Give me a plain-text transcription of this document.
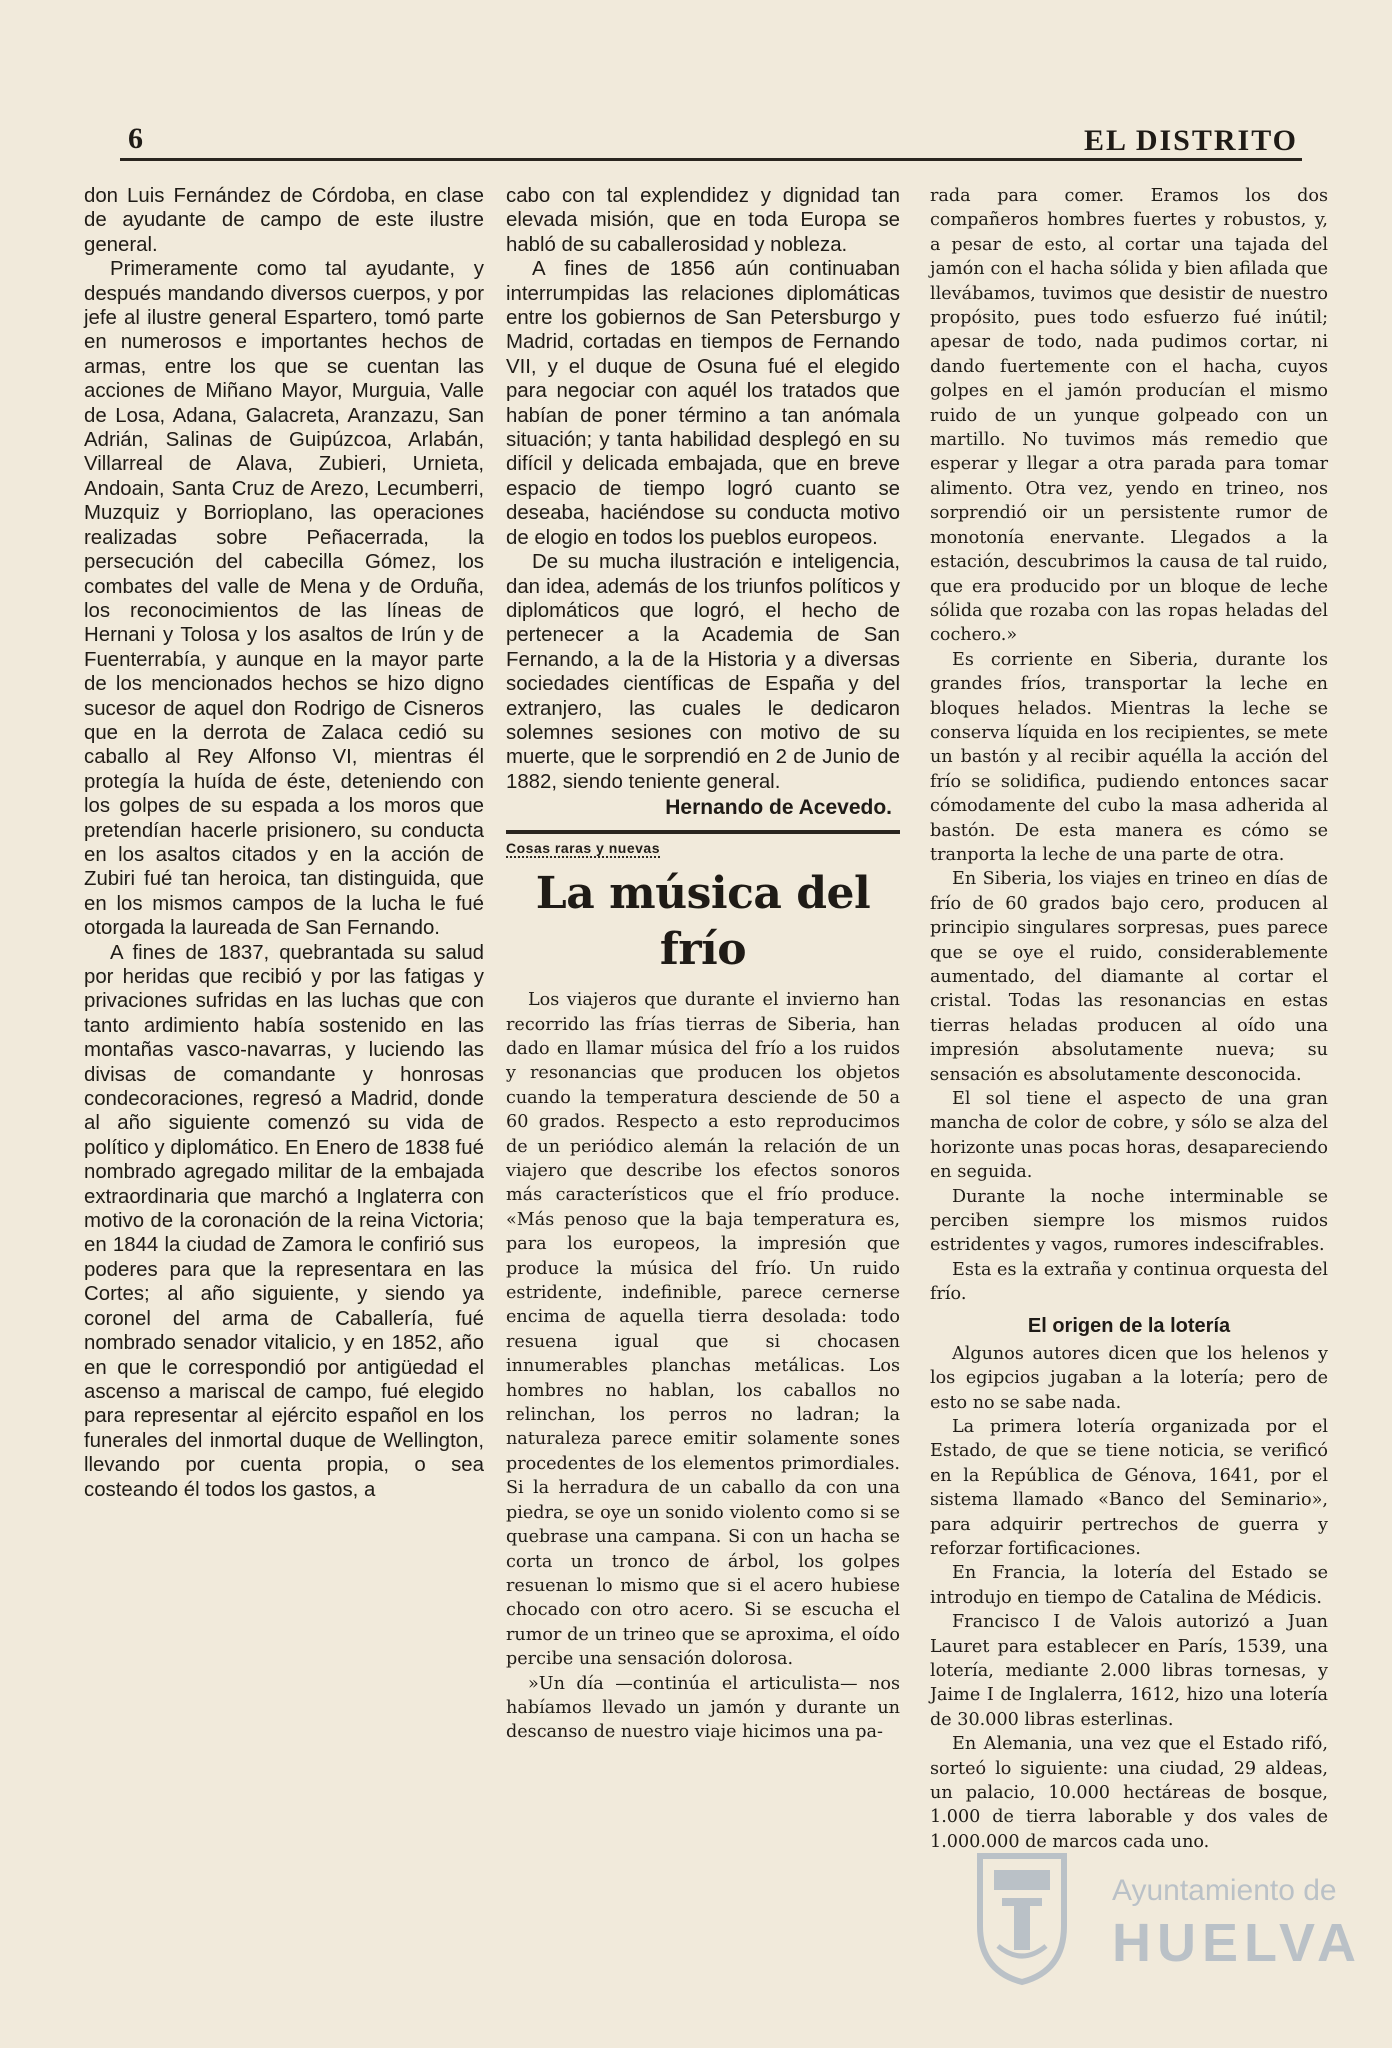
6	EL DISTRITO

don Luis Fernández de Córdoba, en clase de ayudante de campo de este ilustre general.

Primeramente como tal ayudante, y después mandando diversos cuerpos, y por jefe al ilustre general Espartero, tomó parte en numerosos e importantes hechos de armas, entre los que se cuentan las acciones de Miñano Mayor, Murguia, Valle de Losa, Adana, Galacreta, Aranzazu, San Adrián, Salinas de Guipúzcoa, Arlabán, Villarreal de Alava, Zubieri, Urnieta, Andoain, Santa Cruz de Arezo, Lecumberri, Muzquiz y Borrioplano, las operaciones realizadas sobre Peñacerrada, la persecución del cabecilla Gómez, los combates del valle de Mena y de Orduña, los reconocimientos de las líneas de Hernani y Tolosa y los asaltos de Irún y de Fuenterrabía, y aunque en la mayor parte de los mencionados hechos se hizo digno sucesor de aquel don Rodrigo de Cisneros que en la derrota de Zalaca cedió su caballo al Rey Alfonso VI, mientras él protegía la huída de éste, deteniendo con los golpes de su espada a los moros que pretendían hacerle prisionero, su conducta en los asaltos citados y en la acción de Zubiri fué tan heroica, tan distinguida, que en los mismos campos de la lucha le fué otorgada la laureada de San Fernando.

A fines de 1837, quebrantada su salud por heridas que recibió y por las fatigas y privaciones sufridas en las luchas que con tanto ardimiento había sostenido en las montañas vasco-navarras, y luciendo las divisas de comandante y honrosas condecoraciones, regresó a Madrid, donde al año siguiente comenzó su vida de político y diplomático. En Enero de 1838 fué nombrado agregado militar de la embajada extraordinaria que marchó a Inglaterra con motivo de la coronación de la reina Victoria; en 1844 la ciudad de Zamora le confirió sus poderes para que la representara en las Cortes; al año siguiente, y siendo ya coronel del arma de Caballería, fué nombrado senador vitalicio, y en 1852, año en que le correspondió por antigüedad el ascenso a mariscal de campo, fué elegido para representar al ejército español en los funerales del inmortal duque de Wellington, llevando por cuenta propia, o sea costeando él todos los gastos, a

cabo con tal explendidez y dignidad tan elevada misión, que en toda Europa se habló de su caballerosidad y nobleza.

A fines de 1856 aún continuaban interrumpidas las relaciones diplomáticas entre los gobiernos de San Petersburgo y Madrid, cortadas en tiempos de Fernando VII, y el duque de Osuna fué el elegido para negociar con aquél los tratados que habían de poner término a tan anómala situación; y tanta habilidad desplegó en su difícil y delicada embajada, que en breve espacio de tiempo logró cuanto se deseaba, haciéndose su conducta motivo de elogio en todos los pueblos europeos.

De su mucha ilustración e inteligencia, dan idea, además de los triunfos políticos y diplomáticos que logró, el hecho de pertenecer a la Academia de San Fernando, a la de la Historia y a diversas sociedades científicas de España y del extranjero, las cuales le dedicaron solemnes sesiones con motivo de su muerte, que le sorprendió en 2 de Junio de 1882, siendo teniente general.

Hernando de Acevedo.
Cosas raras y nuevas
La música del frío

Los viajeros que durante el invierno han recorrido las frías tierras de Siberia, han dado en llamar música del frío a los ruidos y resonancias que producen los objetos cuando la temperatura desciende de 50 a 60 grados. Respecto a esto reproducimos de un periódico alemán la relación de un viajero que describe los efectos sonoros más característicos que el frío produce. «Más penoso que la baja temperatura es, para los europeos, la impresión que produce la música del frío. Un ruido estridente, indefinible, parece cernerse encima de aquella tierra desolada: todo resuena igual que si chocasen innumerables planchas metálicas. Los hombres no hablan, los caballos no relinchan, los perros no ladran; la naturaleza parece emitir solamente sones procedentes de los elementos primordiales. Si la herradura de un caballo da con una piedra, se oye un sonido violento como si se quebrase una campana. Si con un hacha se corta un tronco de árbol, los golpes resuenan lo mismo que si el acero hubiese chocado con otro acero. Si se escucha el rumor de un trineo que se aproxima, el oído percibe una sensación dolorosa.

»Un día —continúa el articulista— nos habíamos llevado un jamón y durante un descanso de nuestro viaje hicimos una pa-

rada para comer. Eramos los dos compañeros hombres fuertes y robustos, y, a pesar de esto, al cortar una tajada del jamón con el hacha sólida y bien afilada que llevábamos, tuvimos que desistir de nuestro propósito, pues todo esfuerzo fué inútil; apesar de todo, nada pudimos cortar, ni dando fuertemente con el hacha, cuyos golpes en el jamón producían el mismo ruido de un yunque golpeado con un martillo. No tuvimos más remedio que esperar y llegar a otra parada para tomar alimento. Otra vez, yendo en trineo, nos sorprendió oir un persistente rumor de monotonía enervante. Llegados a la estación, descubrimos la causa de tal ruido, que era producido por un bloque de leche sólida que rozaba con las ropas heladas del cochero.»

Es corriente en Siberia, durante los grandes fríos, transportar la leche en bloques helados. Mientras la leche se conserva líquida en los recipientes, se mete un bastón y al recibir aquélla la acción del frío se solidifica, pudiendo entonces sacar cómodamente del cubo la masa adherida al bastón. De esta manera es cómo se tranporta la leche de una parte de otra.

En Siberia, los viajes en trineo en días de frío de 60 grados bajo cero, producen al principio singulares sorpresas, pues parece que se oye el ruido, considerablemente aumentado, del diamante al cortar el cristal. Todas las resonancias en estas tierras heladas producen al oído una impresión absolutamente nueva; su sensación es absolutamente desconocida.

El sol tiene el aspecto de una gran mancha de color de cobre, y sólo se alza del horizonte unas pocas horas, desapareciendo en seguida.

Durante la noche interminable se perciben siempre los mismos ruidos estridentes y vagos, rumores indescifrables.

Esta es la extraña y continua orquesta del frío.

El origen de la lotería

Algunos autores dicen que los helenos y los egipcios jugaban a la lotería; pero de esto no se sabe nada.

La primera lotería organizada por el Estado, de que se tiene noticia, se verificó en la República de Génova, 1641, por el sistema llamado «Banco del Seminario», para adquirir pertrechos de guerra y reforzar fortificaciones.

En Francia, la lotería del Estado se introdujo en tiempo de Catalina de Médicis.

Francisco I de Valois autorizó a Juan Lauret para establecer en París, 1539, una lotería, mediante 2.000 libras tornesas, y Jaime I de Inglalerra, 1612, hizo una lotería de 30.000 libras esterlinas.

En Alemania, una vez que el Estado rifó, sorteó lo siguiente: una ciudad, 29 aldeas, un palacio, 10.000 hectáreas de bosque, 1.000 de tierra laborable y dos vales de 1.000.000 de marcos cada uno.

Ayuntamiento de
HUELVA
